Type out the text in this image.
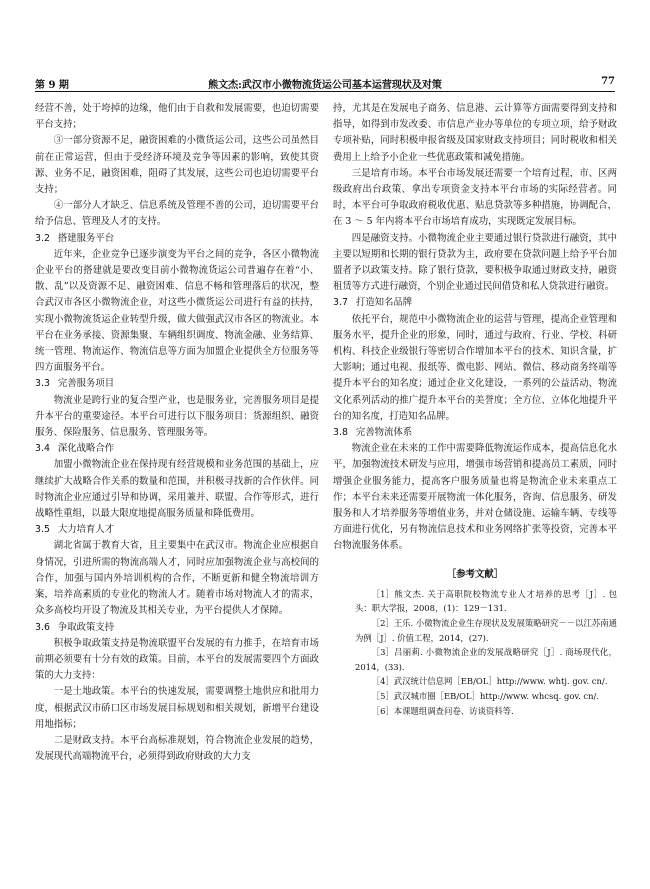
第 9 期	熊文杰:武汉市小微物流货运公司基本运营现状及对策	77

经营不善，处于垮掉的边缘，他们由于自救和发展需要，也迫切需要平台支持；

③一部分资源不足，融资困难的小微货运公司，这些公司虽然目前在正常运营，但由于受经济环境及竞争等因素的影响，致使其资源、业务不足，融资困难，阻碍了其发展，这些公司也迫切需要平台支持；

④一部分人才缺乏、信息系统及管理不善的公司，迫切需要平台给予信息、管理及人才的支持。

3.2 搭建服务平台

近年来，企业竞争已逐步演变为平台之间的竞争，各区小微物流企业平台的搭建就是要改变目前小微物流货运公司普遍存在着“小、散、乱”以及资源不足、融资困难、信息不畅和管理落后的状况，整合武汉市各区小微物流企业，对这些小微货运公司进行有益的扶持，实现小微物流货运企业转型升级，做大做强武汉市各区的物流业。本平台在业务承接、资源集聚、车辆组织调度、物流金融、业务结算、统一管理、物流运作、物流信息等方面为加盟企业提供全方位服务等四方面服务平台。

3.3 完善服务项目

物流业是跨行业的复合型产业，也是服务业，完善服务项目是提升本平台的重要途径。本平台可进行以下服务项目：货源组织、融资服务、保险服务、信息服务、管理服务等。

3.4 深化战略合作

加盟小微物流企业在保持现有经营规模和业务范围的基础上，应继续扩大战略合作关系的数量和范围，并积极寻找新的合作伙伴。同时物流企业应通过引导和协调，采用兼并、联盟、合作等形式，进行战略性重组，以最大限度地提高服务质量和降低费用。

3.5 大力培育人才

湖北省属于教育大省，且主要集中在武汉市。物流企业应根据自身情况，引进所需的物流高端人才，同时应加强物流企业与高校间的合作，加强与国内外培训机构的合作，不断更新和健全物流培训方案，培养高素质的专业化的物流人才。随着市场对物流人才的需求，众多高校均开设了物流及其相关专业，为平台提供人才保障。

3.6 争取政策支持

积极争取政策支持是物流联盟平台发展的有力推手，在培育市场前期必须要有十分有效的政策。目前，本平台的发展需要四个方面政策的大力支持：

一是土地政策。本平台的快速发展，需要调整土地供应和批用力度，根据武汉市硚口区市场发展目标规划和相关规划，新增平台建设用地指标；

二是财政支持。本平台高标准规划，符合物流企业发展的趋势，发展现代高端物流平台，必须得到政府财政的大力支

持，尤其是在发展电子商务、信息港、云计算等方面需要得到支持和指导，如得到市发改委、市信息产业办等单位的专项立项，给予财政专项补贴，同时积极申报省级及国家财政支持项目；同时税收和相关费用上上给予小企业一些优惠政策和减免措施。

三是培育市场。本平台市场发展还需要一个培育过程，市、区两级政府出台政策、拿出专项资金支持本平台市场的实际经营者。同时，本平台可争取政府税收优惠、贴息贷款等多种措施，协调配合，在 3 ～ 5 年内将本平台市场培育成功，实现既定发展目标。

四是融资支持。小微物流企业主要通过银行贷款进行融资，其中主要以短期和长期的银行贷款为主，政府要在贷款问题上给予平台加盟者予以政策支持。除了银行贷款，要积极争取通过财政支持，融资租赁等方式进行融资，个别企业通过民间借贷和私人贷款进行融资。

3.7 打造知名品牌

依托平台，规范中小微物流企业的运营与管理，提高企业管理和服务水平，提升企业的形象，同时，通过与政府、行业、学校、科研机构、科技企业级银行等密切合作增加本平台的技术、知识含量，扩大影响；通过电视、报纸等、微电影、网站、微信、移动商务终端等提升本平台的知名度；通过企业文化建设，一系列的公益活动、物流文化系列活动的推广提升本平台的美誉度；全方位、立体化地提升平台的知名度，打造知名品牌。

3.8 完善物流体系

物流企业在未来的工作中需要降低物流运作成本，提高信息化水平，加强物流技术研发与应用，增强市场营销和提高员工素质，同时增强企业服务能力，提高客户服务质量也将是物流企业未来重点工作；本平台未来还需要开展物流一体化服务，咨询、信息服务、研发服务和人才培养服务等增值业务，并对仓储设施、运输车辆、专线等方面进行优化，另有物流信息技术和业务网络扩张等投资，完善本平台物流服务体系。

［参考文献］

［1］熊文杰. 关于高职院校物流专业人才培养的思考［J］. 包头：职大学报，2008，(1)：129－131.

［2］王乐. 小微物流企业生存现状及发展策略研究－－以江苏南通为例［J］. 价值工程，2014，(27).

［3］吕丽莉. 小微物流企业的发展战略研究［J］. 商场现代化，2014，(33).

［4］武汉统计信息网［EB/OL］http://www. whtj. gov. cn/.

［5］武汉城市圈［EB/OL］http://www. whcsq. gov. cn/.

［6］本课题组调查问卷、访谈资料等.
